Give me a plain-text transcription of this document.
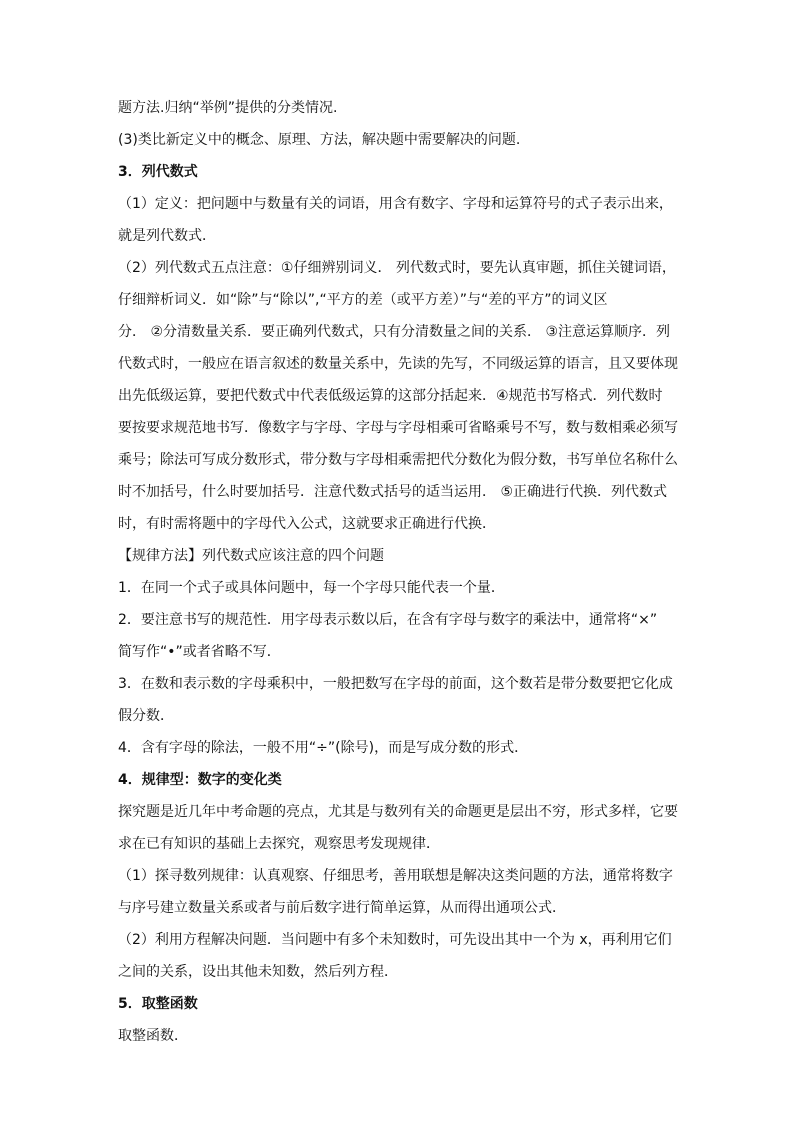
题方法.归纳“举例”提供的分类情况.
(3)类比新定义中的概念、原理、方法，解决题中需要解决的问题.
3．列代数式
（1）定义：把问题中与数量有关的词语，用含有数字、字母和运算符号的式子表示出来，
就是列代数式．
（2）列代数式五点注意：①仔细辨别词义． 列代数式时，要先认真审题，抓住关键词语，
仔细辩析词义．如“除”与“除以”,“平方的差（或平方差）”与“差的平方”的词义区
分． ②分清数量关系．要正确列代数式，只有分清数量之间的关系． ③注意运算顺序．列
代数式时，一般应在语言叙述的数量关系中，先读的先写，不同级运算的语言，且又要体现
出先低级运算，要把代数式中代表低级运算的这部分括起来．④规范书写格式．列代数时
要按要求规范地书写．像数字与字母、字母与字母相乘可省略乘号不写，数与数相乘必须写
乘号；除法可写成分数形式，带分数与字母相乘需把代分数化为假分数，书写单位名称什么
时不加括号，什么时要加括号．注意代数式括号的适当运用． ⑤正确进行代换．列代数式
时，有时需将题中的字母代入公式，这就要求正确进行代换．
【规律方法】列代数式应该注意的四个问题
1．在同一个式子或具体问题中，每一个字母只能代表一个量．
2．要注意书写的规范性．用字母表示数以后，在含有字母与数字的乘法中，通常将“×”
简写作“•”或者省略不写．
3．在数和表示数的字母乘积中，一般把数写在字母的前面，这个数若是带分数要把它化成
假分数．
4．含有字母的除法，一般不用“÷”(除号)，而是写成分数的形式．
4．规律型：数字的变化类
探究题是近几年中考命题的亮点，尤其是与数列有关的命题更是层出不穷，形式多样，它要
求在已有知识的基础上去探究，观察思考发现规律．
（1）探寻数列规律：认真观察、仔细思考，善用联想是解决这类问题的方法，通常将数字
与序号建立数量关系或者与前后数字进行简单运算，从而得出通项公式．
（2）利用方程解决问题．当问题中有多个未知数时，可先设出其中一个为 x，再利用它们
之间的关系，设出其他未知数，然后列方程．
5．取整函数
取整函数．
